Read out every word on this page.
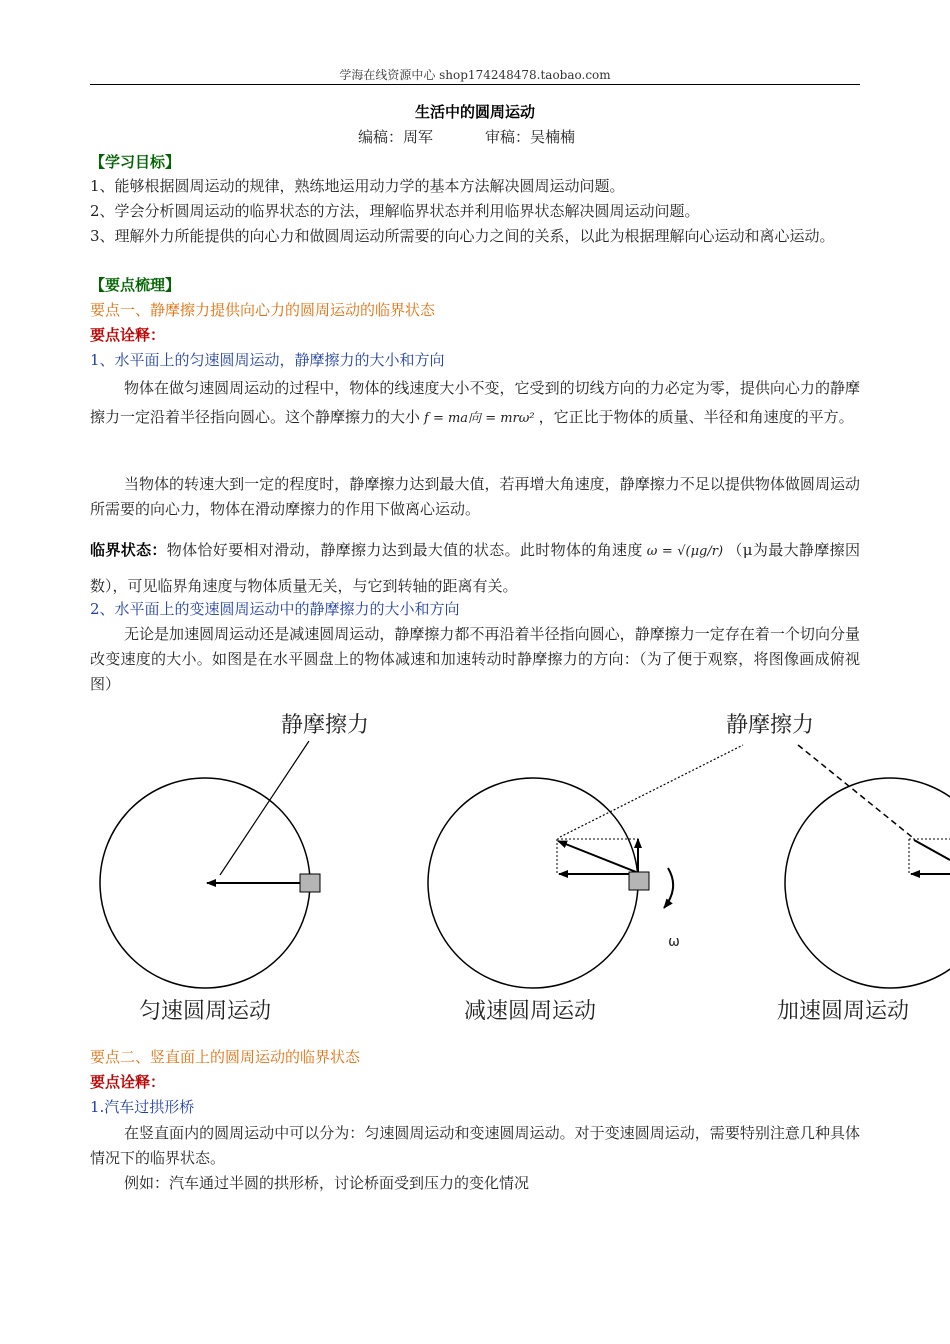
学海在线资源中心 shop174248478.taobao.com
生活中的圆周运动
编稿：周军	审稿：吴楠楠
【学习目标】
1、能够根据圆周运动的规律，熟练地运用动力学的基本方法解决圆周运动问题。
2、学会分析圆周运动的临界状态的方法，理解临界状态并利用临界状态解决圆周运动问题。
3、理解外力所能提供的向心力和做圆周运动所需要的向心力之间的关系，以此为根据理解向心运动和离心运动。
【要点梳理】
要点一、静摩擦力提供向心力的圆周运动的临界状态
要点诠释：
1、水平面上的匀速圆周运动，静摩擦力的大小和方向
物体在做匀速圆周运动的过程中，物体的线速度大小不变，它受到的切线方向的力必定为零，提供向心力的静摩擦力一定沿着半径指向圆心。这个静摩擦力的大小 f = ma向 = mrω² ，它正比于物体的质量、半径和角速度的平方。
当物体的转速大到一定的程度时，静摩擦力达到最大值，若再增大角速度，静摩擦力不足以提供物体做圆周运动所需要的向心力，物体在滑动摩擦力的作用下做离心运动。
临界状态：物体恰好要相对滑动，静摩擦力达到最大值的状态。此时物体的角速度 ω = √(μg/r) （μ为最大静摩擦因数），可见临界角速度与物体质量无关，与它到转轴的距离有关。
2、水平面上的变速圆周运动中的静摩擦力的大小和方向
无论是加速圆周运动还是减速圆周运动，静摩擦力都不再沿着半径指向圆心，静摩擦力一定存在着一个切向分量改变速度的大小。如图是在水平圆盘上的物体减速和加速转动时静摩擦力的方向：（为了便于观察，将图像画成俯视图）
静摩擦力	静摩擦力
ω
匀速圆周运动	减速圆周运动	加速圆周运动
要点二、竖直面上的圆周运动的临界状态
要点诠释：
1.汽车过拱形桥
在竖直面内的圆周运动中可以分为：匀速圆周运动和变速圆周运动。对于变速圆周运动，需要特别注意几种具体情况下的临界状态。
例如：汽车通过半圆的拱形桥，讨论桥面受到压力的变化情况
